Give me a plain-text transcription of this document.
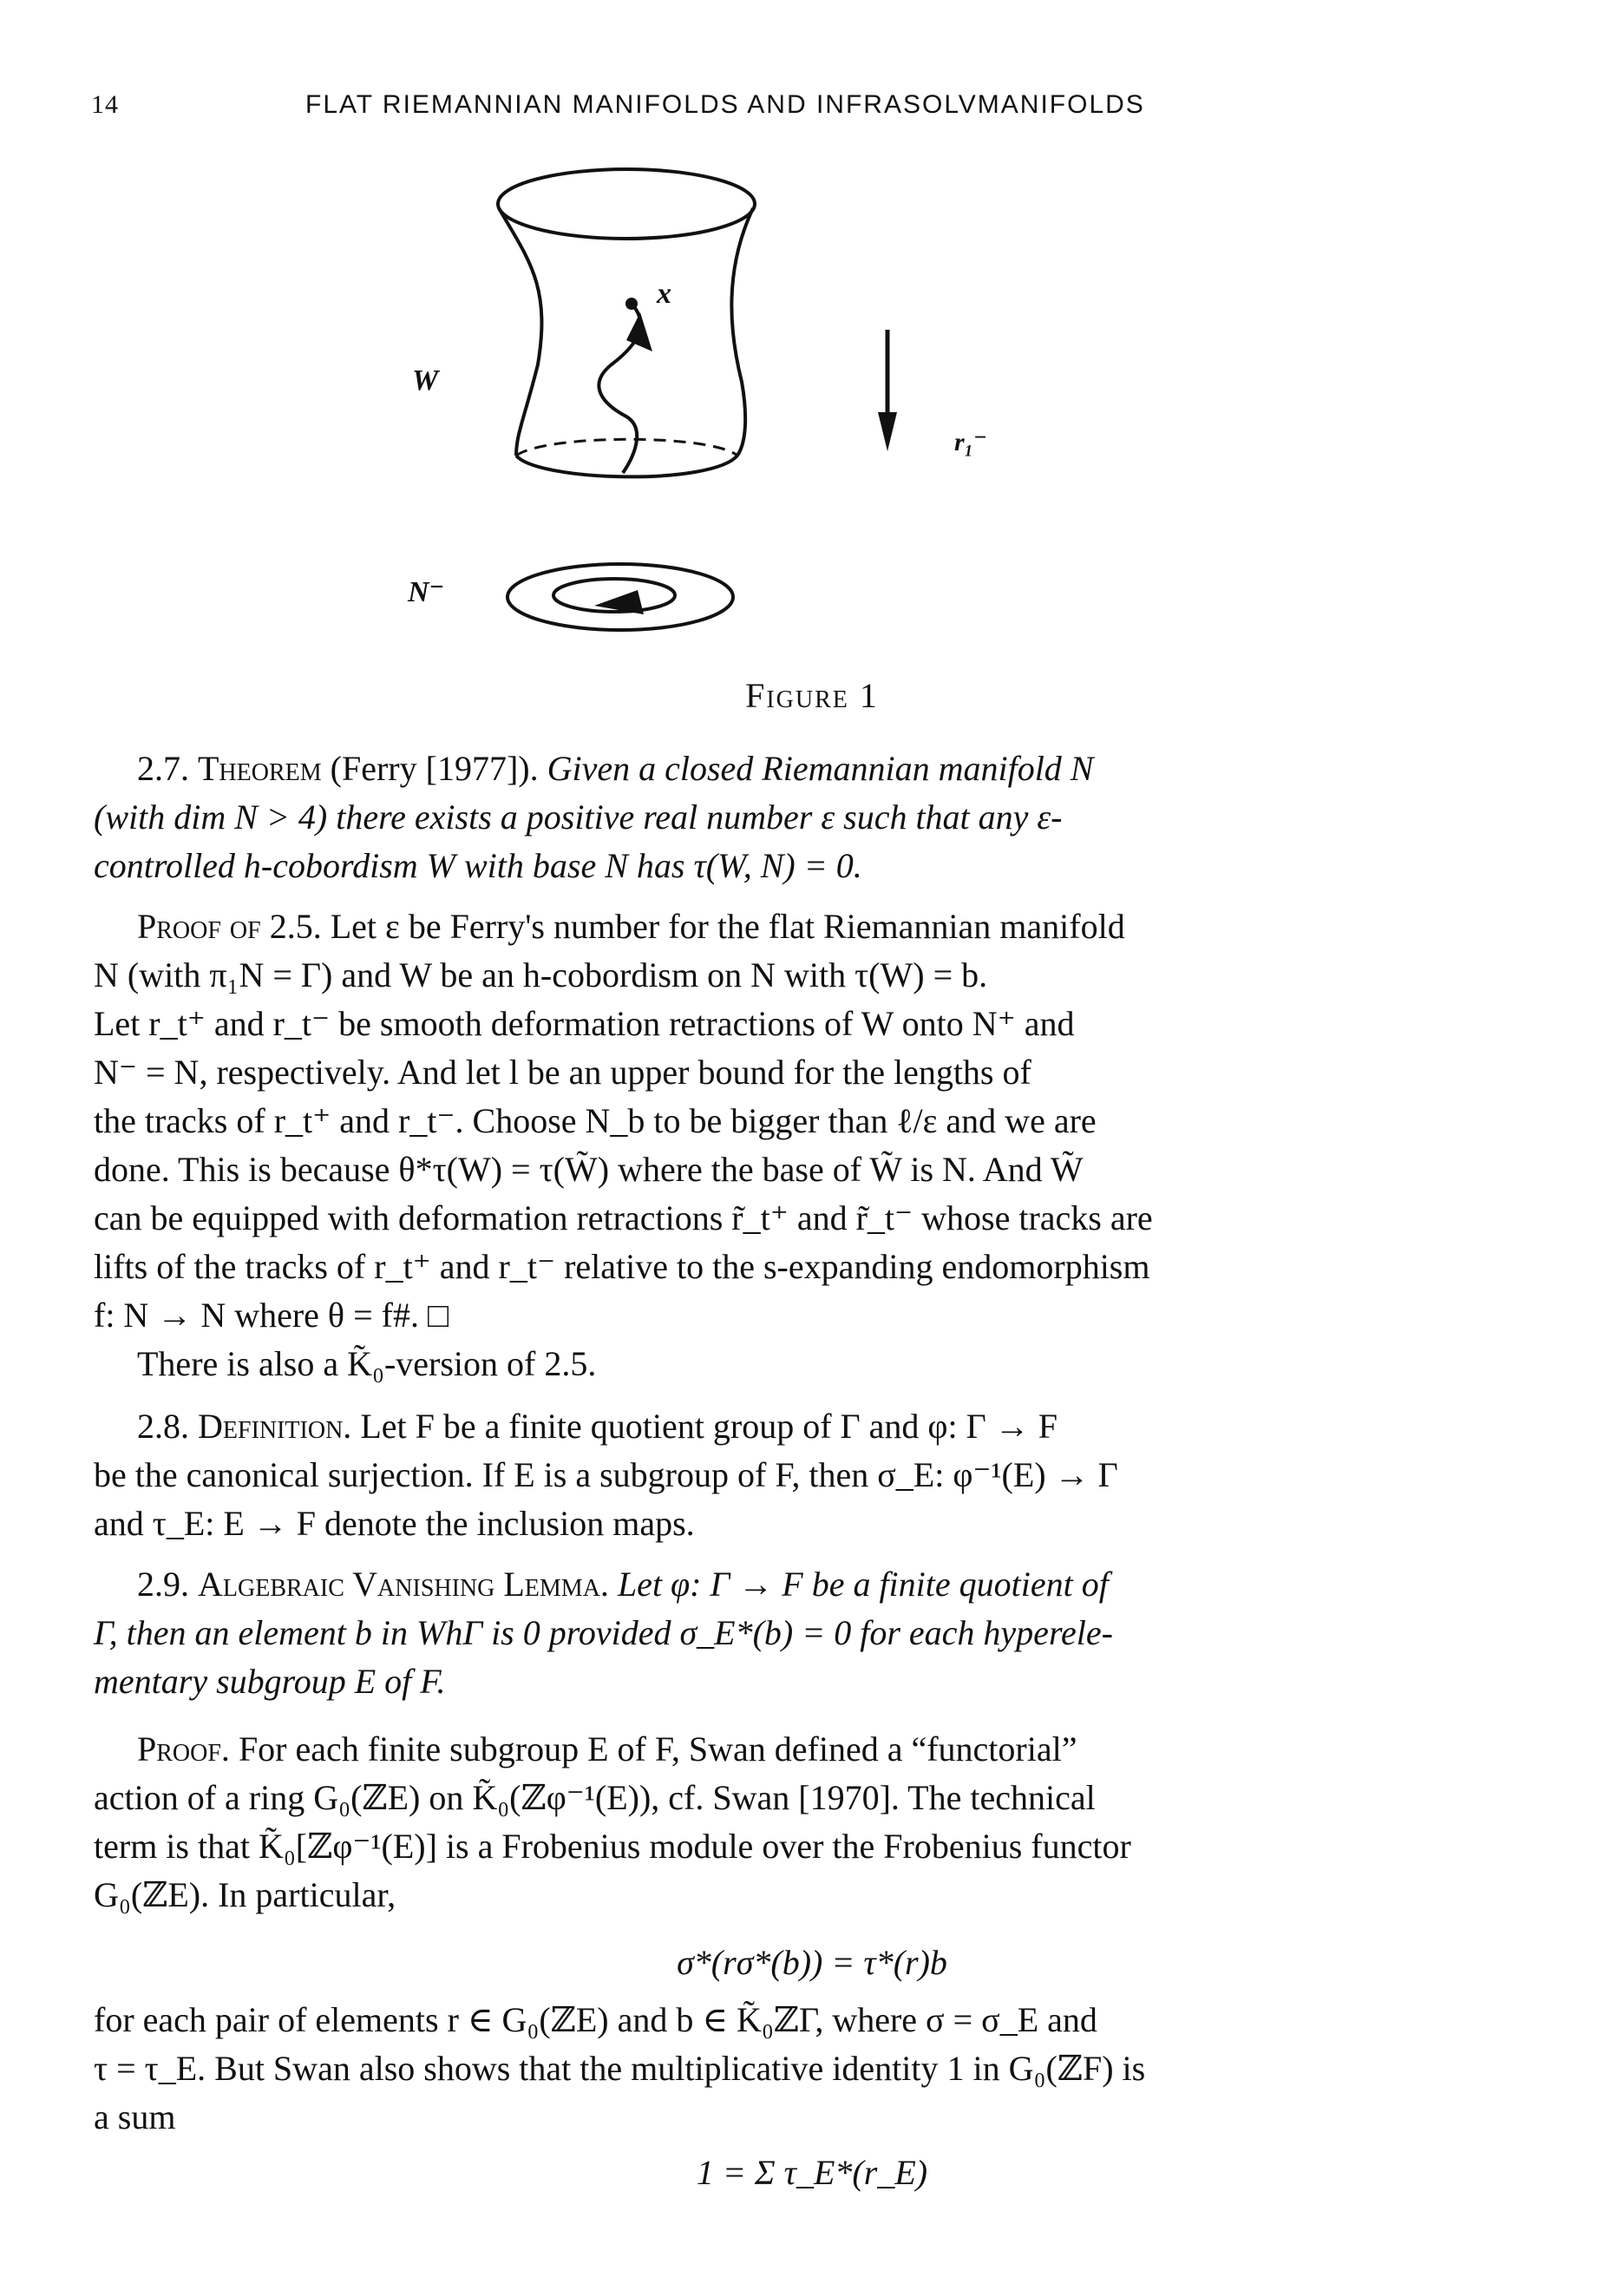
14	FLAT RIEMANNIAN MANIFOLDS AND INFRASOLVMANIFOLDS
W
x
r₁⁻
N⁻
Figure 1
2.7. Theorem (Ferry [1977]). Given a closed Riemannian manifold N
(with dim N > 4) there exists a positive real number ε such that any ε-
controlled h-cobordism W with base N has τ(W, N) = 0.
Proof of 2.5. Let ε be Ferry's number for the flat Riemannian manifold
N (with π₁N = Γ) and W be an h-cobordism on N with τ(W) = b.
Let r_t⁺ and r_t⁻ be smooth deformation retractions of W onto N⁺ and
N⁻ = N, respectively. And let l be an upper bound for the lengths of
the tracks of r_t⁺ and r_t⁻. Choose N_b to be bigger than ℓ/ε and we are
done. This is because θ*τ(W) = τ(W̃) where the base of W̃ is N. And W̃
can be equipped with deformation retractions r̃_t⁺ and r̃_t⁻ whose tracks are
lifts of the tracks of r_t⁺ and r_t⁻ relative to the s-expanding endomorphism
f: N → N where θ = f#. □
There is also a K̃₀-version of 2.5.
2.8. Definition. Let F be a finite quotient group of Γ and φ: Γ → F
be the canonical surjection. If E is a subgroup of F, then σ_E: φ⁻¹(E) → Γ
and τ_E: E → F denote the inclusion maps.
2.9. Algebraic Vanishing Lemma. Let φ: Γ → F be a finite quotient of
Γ, then an element b in WhΓ is 0 provided σ_E*(b) = 0 for each hyperele-
mentary subgroup E of F.
Proof. For each finite subgroup E of F, Swan defined a “functorial”
action of a ring G₀(ℤE) on K̃₀(ℤφ⁻¹(E)), cf. Swan [1970]. The technical
term is that K̃₀[ℤφ⁻¹(E)] is a Frobenius module over the Frobenius functor
G₀(ℤE). In particular,
σ*(rσ*(b)) = τ*(r)b
for each pair of elements r ∈ G₀(ℤE) and b ∈ K̃₀ℤΓ, where σ = σ_E and
τ = τ_E. But Swan also shows that the multiplicative identity 1 in G₀(ℤF) is
a sum
1 = Σ τ_E*(r_E)
